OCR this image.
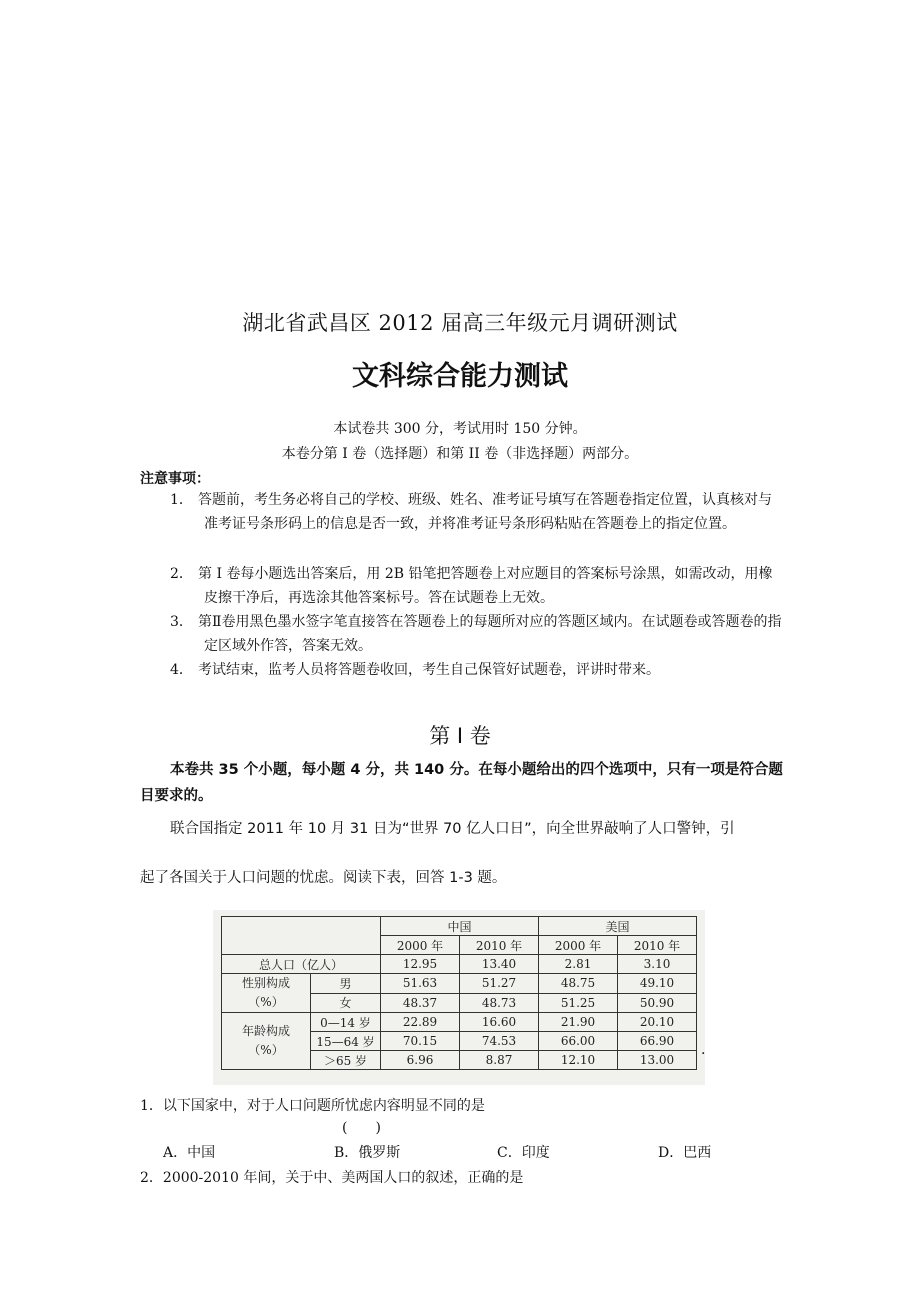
湖北省武昌区 2012 届高三年级元月调研测试
文科综合能力测试
本试卷共 300 分，考试用时 150 分钟。
本卷分第 I 卷（选择题）和第 II 卷（非选择题）两部分。
注意事项：
1． 答题前，考生务必将自己的学校、班级、姓名、准考证号填写在答题卷指定位置，认真核对与准考证号条形码上的信息是否一致，并将准考证号条形码粘贴在答题卷上的指定位置。
2． 第 I 卷每小题选出答案后，用 2B 铅笔把答题卷上对应题目的答案标号涂黑，如需改动，用橡皮擦干净后，再选涂其他答案标号。答在试题卷上无效。
3． 第Ⅱ卷用黑色墨水签字笔直接答在答题卷上的每题所对应的答题区域内。在试题卷或答题卷的指定区域外作答，答案无效。
4． 考试结束，监考人员将答题卷收回，考生自己保管好试题卷，评讲时带来。
第 I 卷
本卷共 35 个小题，每小题 4 分，共 140 分。在每小题给出的四个选项中，只有一项是符合题目要求的。
联合国指定 2011 年 10 月 31 日为“世界 70 亿人口日”，向全世界敲响了人口警钟，引
起了各国关于人口问题的忧虑。阅读下表，回答 1-3 题。
		中国		美国	
		2000 年	2010 年	2000 年	2010 年
总人口（亿人）		12.95	13.40	2.81	3.10
性别构成
（%）	男	51.63	51.27	48.75	49.10
	女	48.37	48.73	51.25	50.90
年龄构成
（%）	0—14 岁	22.89	16.60	21.90	20.10
	15—64 岁	70.15	74.53	66.00	66.90
	＞65 岁	6.96	8.87	12.10	13.00
.
1．以下国家中，对于人口问题所忧虑内容明显不同的是
(　　)
A．中国	B．俄罗斯	C．印度	D．巴西
2．2000-2010 年间，关于中、美两国人口的叙述，正确的是
